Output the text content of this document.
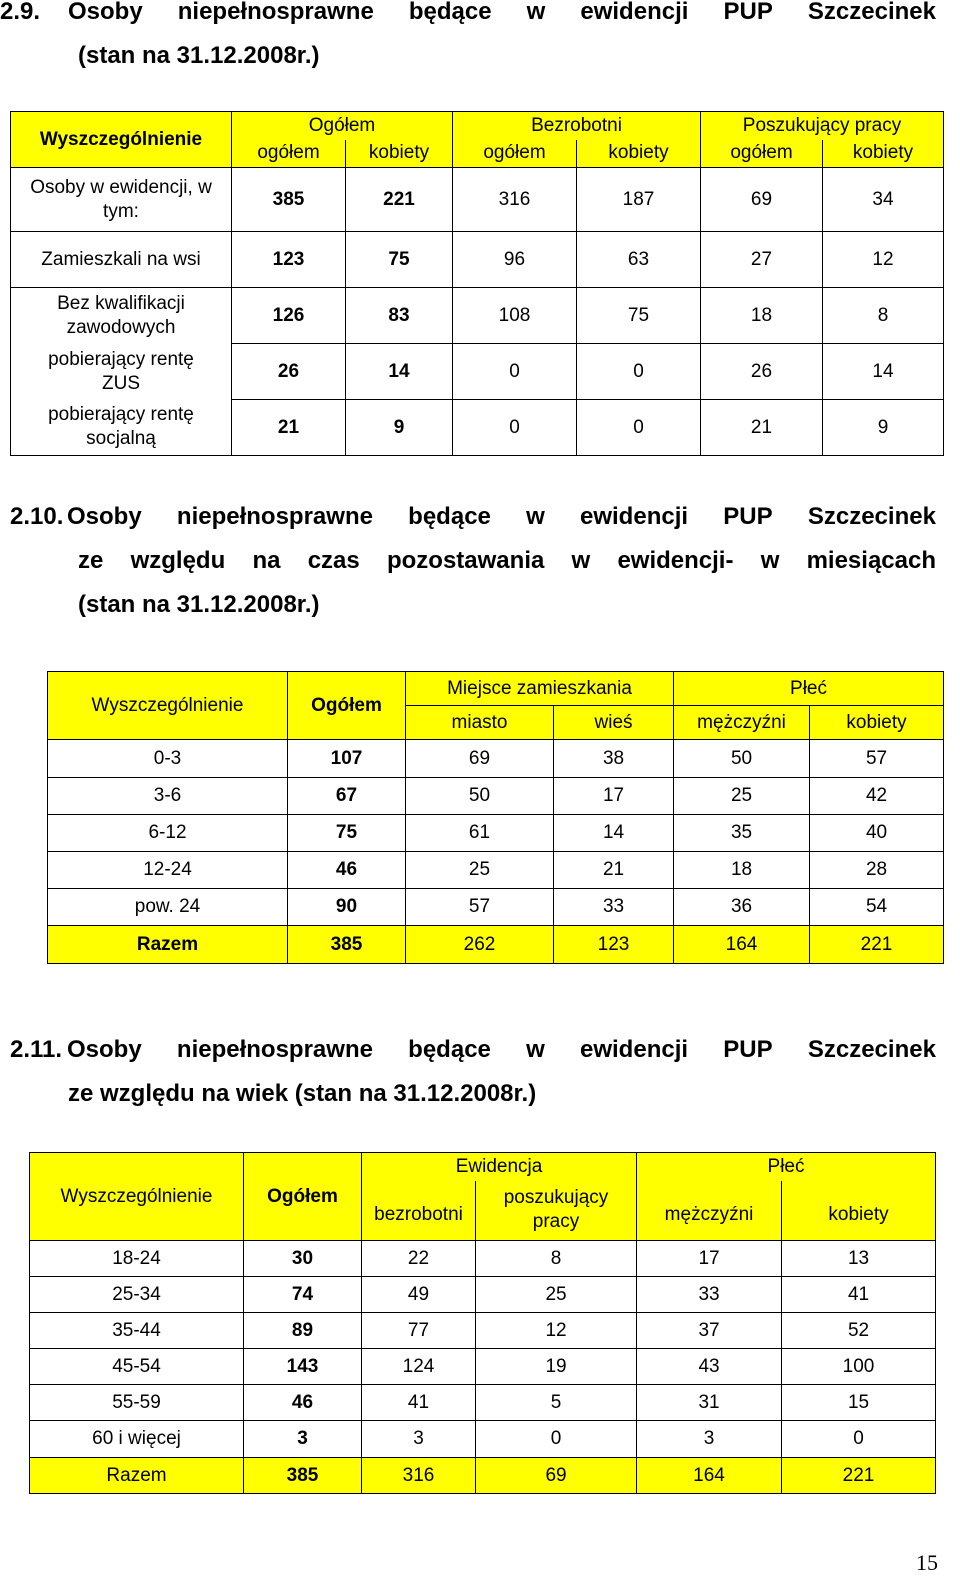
2.9.	Osoby niepełnosprawne będące w ewidencji PUP Szczecinek
(stan na 31.12.2008r.)
Wyszczególnienie	Ogółem		Bezrobotni		Poszukujący pracy	
	ogółem	kobiety	ogółem	kobiety	ogółem	kobiety
Osoby w ewidencji, w tym:	385	221	316	187	69	34
Zamieszkali na wsi	123	75	96	63	27	12
Bez kwalifikacji zawodowych	126	83	108	75	18	8
pobierający rentę ZUS	26	14	0	0	26	14
pobierający rentę socjalną	21	9	0	0	21	9
2.10. Osoby niepełnosprawne będące w ewidencji PUP Szczecinek
ze względu na czas pozostawania w ewidencji- w miesiącach
(stan na 31.12.2008r.)
Wyszczególnienie	Ogółem	Miejsce zamieszkania		Płeć	
		miasto	wieś	mężczyźni	kobiety
0-3	107	69	38	50	57
3-6	67	50	17	25	42
6-12	75	61	14	35	40
12-24	46	25	21	18	28
pow. 24	90	57	33	36	54
Razem	385	262	123	164	221
2.11. Osoby niepełnosprawne będące w ewidencji PUP Szczecinek
ze względu na wiek (stan na 31.12.2008r.)
Wyszczególnienie	Ogółem	Ewidencja		Płeć	
		bezrobotni	poszukujący pracy	mężczyźni	kobiety
18-24	30	22	8	17	13
25-34	74	49	25	33	41
35-44	89	77	12	37	52
45-54	143	124	19	43	100
55-59	46	41	5	31	15
60 i więcej	3	3	0	3	0
Razem	385	316	69	164	221
15
